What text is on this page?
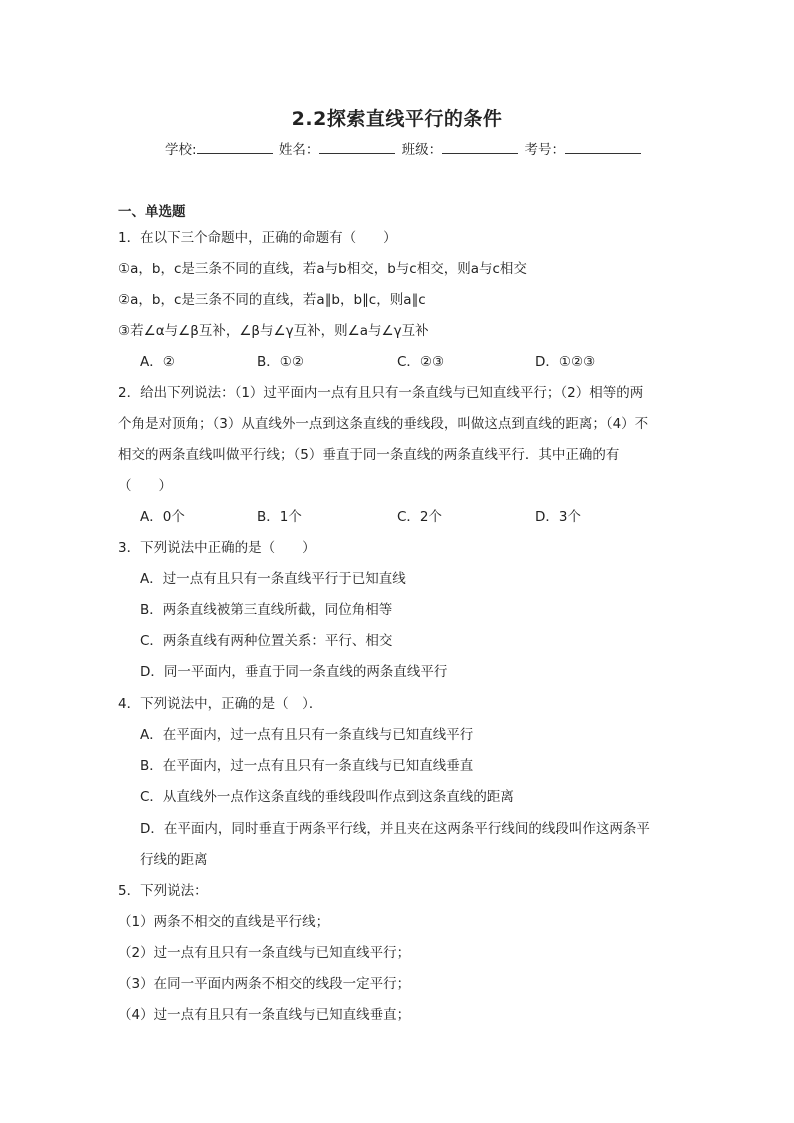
2.2探索直线平行的条件
学校:	姓名：	班级：	考号：
一、单选题
1．在以下三个命题中，正确的命题有（　　）
①a，b，c是三条不同的直线，若a与b相交，b与c相交，则a与c相交
②a，b，c是三条不同的直线，若a∥b，b∥c，则a∥c
③若∠α与∠β互补，∠β与∠γ互补，则∠a与∠γ互补
A．②	B．①②	C．②③	D．①②③
2．给出下列说法：（1）过平面内一点有且只有一条直线与已知直线平行；（2）相等的两
个角是对顶角；（3）从直线外一点到这条直线的垂线段，叫做这点到直线的距离；（4）不
相交的两条直线叫做平行线；（5）垂直于同一条直线的两条直线平行．其中正确的有
（　　）
A．0个	B．1个	C．2个	D．3个
3．下列说法中正确的是（　　）
A．过一点有且只有一条直线平行于已知直线
B．两条直线被第三直线所截，同位角相等
C．两条直线有两种位置关系：平行、相交
D．同一平面内，垂直于同一条直线的两条直线平行
4．下列说法中，正确的是（　）．
A．在平面内，过一点有且只有一条直线与已知直线平行
B．在平面内，过一点有且只有一条直线与已知直线垂直
C．从直线外一点作这条直线的垂线段叫作点到这条直线的距离
D．在平面内，同时垂直于两条平行线，并且夹在这两条平行线间的线段叫作这两条平
行线的距离
5．下列说法：
（1）两条不相交的直线是平行线；
（2）过一点有且只有一条直线与已知直线平行；
（3）在同一平面内两条不相交的线段一定平行；
（4）过一点有且只有一条直线与已知直线垂直；
